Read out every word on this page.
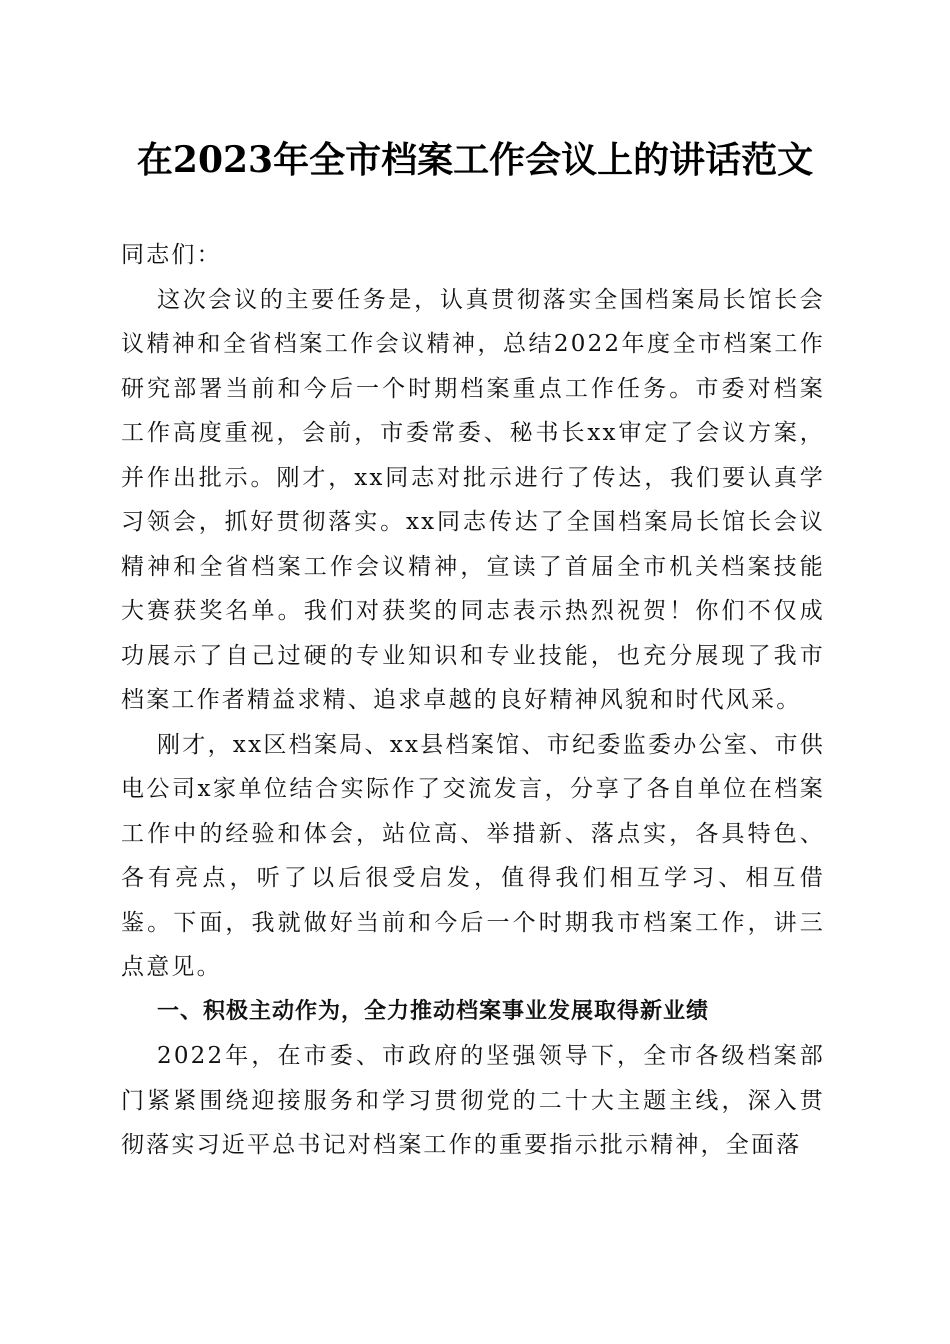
在2023年全市档案工作会议上的讲话范文

同志们：

这次会议的主要任务是，认真贯彻落实全国档案局长馆长会议精神和全省档案工作会议精神，总结2022年度全市档案工作研究部署当前和今后一个时期档案重点工作任务。市委对档案工作高度重视，会前，市委常委、秘书长xx审定了会议方案，并作出批示。刚才，xx同志对批示进行了传达，我们要认真学习领会，抓好贯彻落实。xx同志传达了全国档案局长馆长会议精神和全省档案工作会议精神，宣读了首届全市机关档案技能大赛获奖名单。我们对获奖的同志表示热烈祝贺！你们不仅成功展示了自己过硬的专业知识和专业技能，也充分展现了我市档案工作者精益求精、追求卓越的良好精神风貌和时代风采。

刚才，xx区档案局、xx县档案馆、市纪委监委办公室、市供电公司x家单位结合实际作了交流发言，分享了各自单位在档案工作中的经验和体会，站位高、举措新、落点实，各具特色、各有亮点，听了以后很受启发，值得我们相互学习、相互借鉴。下面，我就做好当前和今后一个时期我市档案工作，讲三点意见。

一、积极主动作为，全力推动档案事业发展取得新业绩

2022年，在市委、市政府的坚强领导下，全市各级档案部门紧紧围绕迎接服务和学习贯彻党的二十大主题主线，深入贯彻落实习近平总书记对档案工作的重要指示批示精神，全面落
